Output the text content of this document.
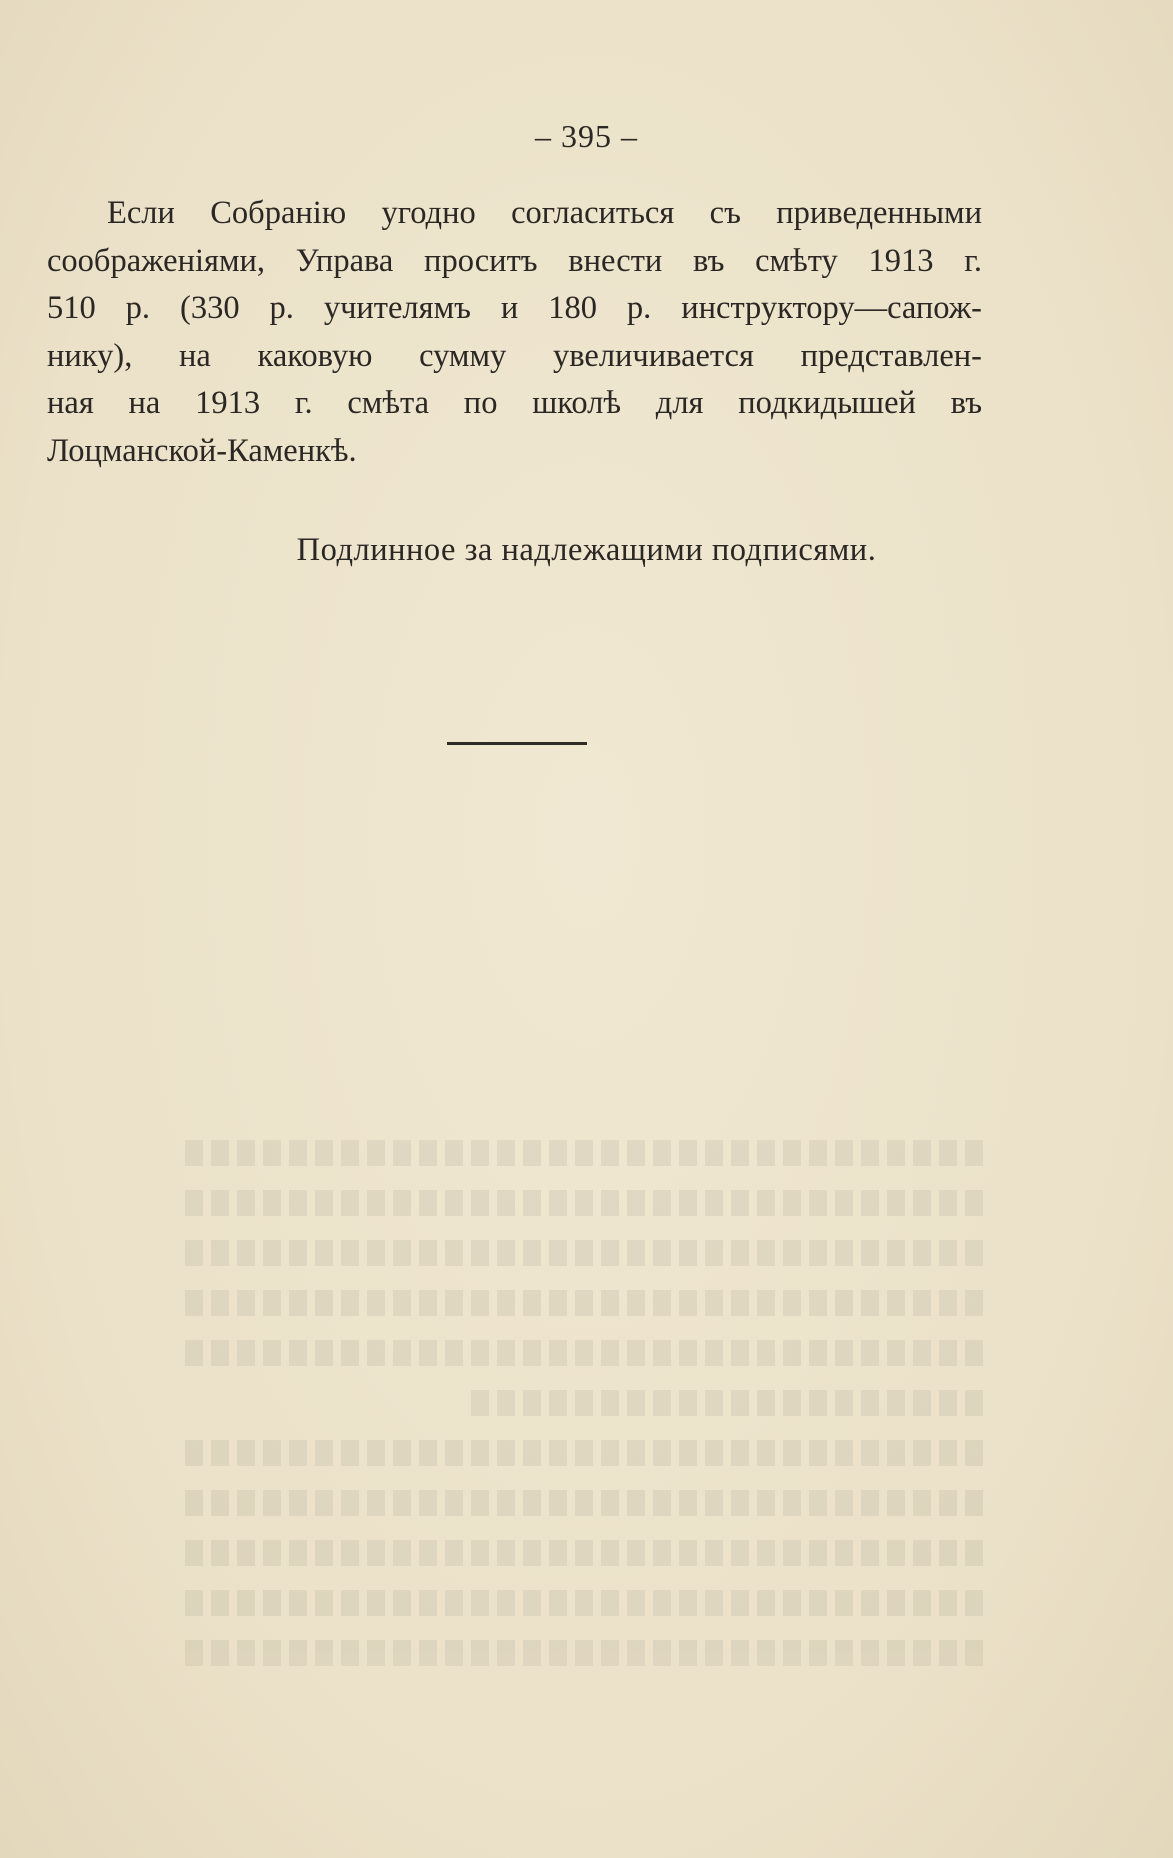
– 395 –
Если Собранію угодно согласиться съ приведенными
соображеніями, Управа проситъ внести въ смѣту 1913 г.
510 р. (330 р. учителямъ и 180 р. инструктору—сапож-
нику), на каковую сумму увеличивается представлен-
ная на 1913 г. смѣта по школѣ для подкидышей въ
Лоцманской-Каменкѣ.
Подлинное за надлежащими подписями.
